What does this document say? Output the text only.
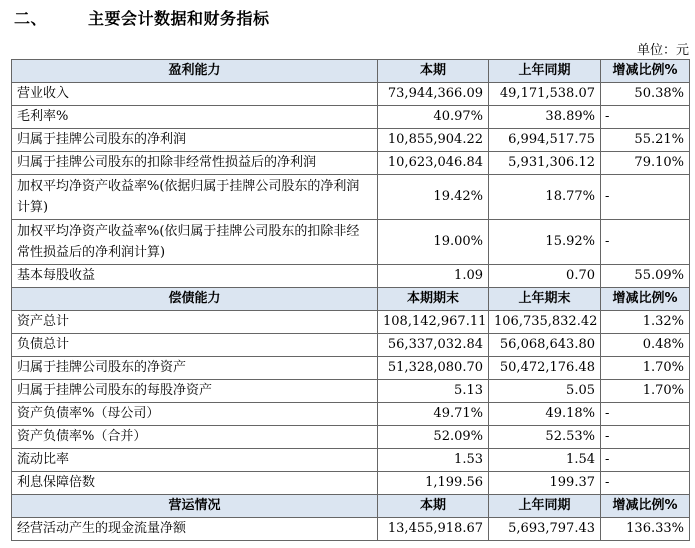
二、	主要会计数据和财务指标
单位：元
盈利能力	本期	上年同期	增减比例%
营业收入	73,944,366.09	49,171,538.07	50.38%
毛利率%	40.97%	38.89%	-
归属于挂牌公司股东的净利润	10,855,904.22	6,994,517.75	55.21%
归属于挂牌公司股东的扣除非经常性损益后的净利润	10,623,046.84	5,931,306.12	79.10%
加权平均净资产收益率%(依据归属于挂牌公司股东的净利润计算)	19.42%	18.77%	-
加权平均净资产收益率%(依归属于挂牌公司股东的扣除非经常性损益后的净利润计算)	19.00%	15.92%	-
基本每股收益	1.09	0.70	55.09%
偿债能力	本期期末	上年期末	增减比例%
资产总计	108,142,967.11	106,735,832.42	1.32%
负债总计	56,337,032.84	56,068,643.80	0.48%
归属于挂牌公司股东的净资产	51,328,080.70	50,472,176.48	1.70%
归属于挂牌公司股东的每股净资产	5.13	5.05	1.70%
资产负债率%（母公司）	49.71%	49.18%	-
资产负债率%（合并）	52.09%	52.53%	-
流动比率	1.53	1.54	-
利息保障倍数	1,199.56	199.37	-
营运情况	本期	上年同期	增减比例%
经营活动产生的现金流量净额	13,455,918.67	5,693,797.43	136.33%
